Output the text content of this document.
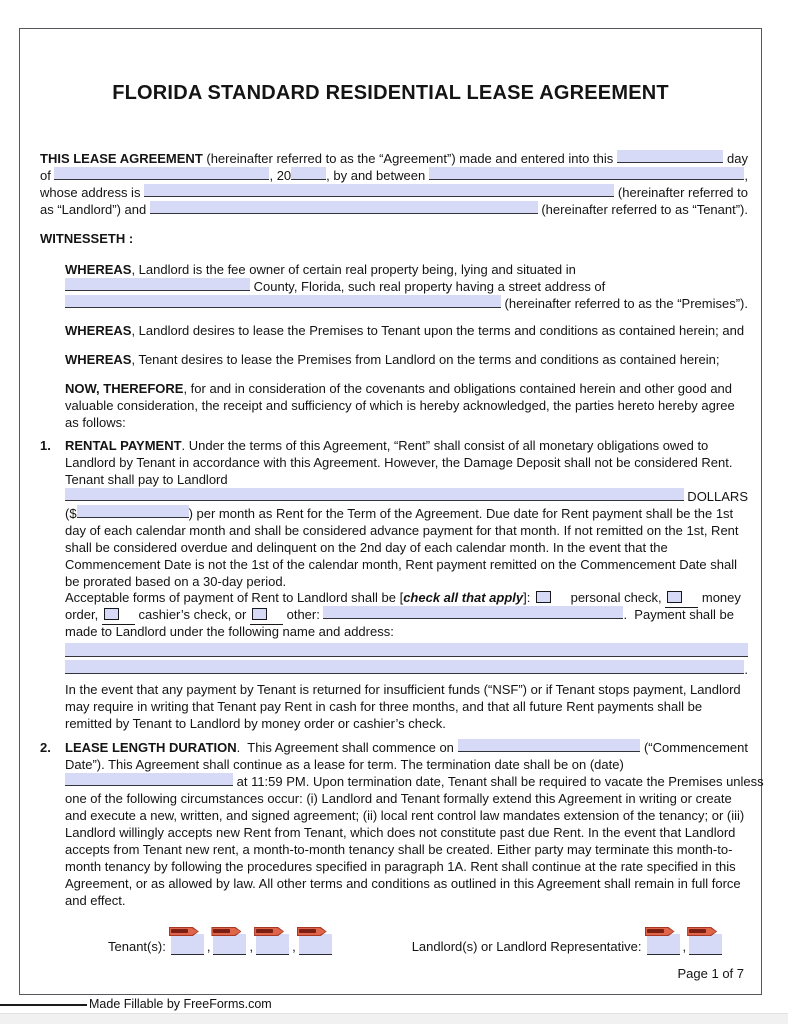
FLORIDA STANDARD RESIDENTIAL LEASE AGREEMENT
THIS LEASE AGREEMENT (hereinafter referred to as the “Agreement”) made and entered into this	day
of	, 20	, by and between	,
whose address is	(hereinafter referred to
as “Landlord”) and	(hereinafter referred to as “Tenant”).
WITNESSETH :
WHEREAS , Landlord is the fee owner of certain real property being, lying and situated in
County, Florida, such real property having a street address of
(hereinafter referred to as the “Premises”).
WHEREAS, Landlord desires to lease the Premises to Tenant upon the terms and conditions as contained herein; and
WHEREAS, Tenant desires to lease the Premises from Landlord on the terms and conditions as contained herein;
NOW, THEREFORE, for and in consideration of the covenants and obligations contained herein and other good and valuable consideration, the receipt and sufficiency of which is hereby acknowledged, the parties hereto hereby agree as follows:
1.	RENTAL PAYMENT. Under the terms of this Agreement, “Rent” shall consist of all monetary obligations owed to Landlord by Tenant in accordance with this Agreement. However, the Damage Deposit shall not be considered Rent. Tenant shall pay to Landlord
DOLLARS
($	) per month as Rent for the Term of the Agreement. Due date for Rent payment shall be the 1st
day of each calendar month and shall be considered advance payment for that month. If not remitted on the 1st, Rent shall be considered overdue and delinquent on the 2nd day of each calendar month. In the event that the Commencement Date is not the 1st of the calendar month, Rent payment remitted on the Commencement Date shall be prorated based on a 30-day period.
Acceptable forms of payment of Rent to Landlord shall be [ check all that apply ]:	personal check,	money
order,	cashier’s check, or	other:	.  Payment shall be
made to Landlord under the following name and address:
.
In the event that any payment by Tenant is returned for insufficient funds (“NSF”) or if Tenant stops payment, Landlord may require in writing that Tenant pay Rent in cash for three months, and that all future Rent payments shall be remitted by Tenant to Landlord by money order or cashier’s check.
2.	LEASE LENGTH DURATION .  This Agreement shall commence on	(“Commencement
Date”). This Agreement shall continue as a lease for term. The termination date shall be on (date)
at 11:59 PM. Upon termination date, Tenant shall be required to vacate the Premises unless
one of the following circumstances occur: (i) Landlord and Tenant formally extend this Agreement in writing or create and execute a new, written, and signed agreement; (ii) local rent control law mandates extension of the tenancy; or (iii) Landlord willingly accepts new Rent from Tenant, which does not constitute past due Rent. In the event that Landlord accepts from Tenant new rent, a month-to-month tenancy shall be created. Either party may terminate this month-to-month tenancy by following the procedures specified in paragraph 1A. Rent shall continue at the rate specified in this Agreement, or as allowed by law. All other terms and conditions as outlined in this Agreement shall remain in full force and effect.
Tenant(s):	,	,	,	Landlord(s) or Landlord Representative:	,
Page 1 of 7
Made Fillable by FreeForms.com
